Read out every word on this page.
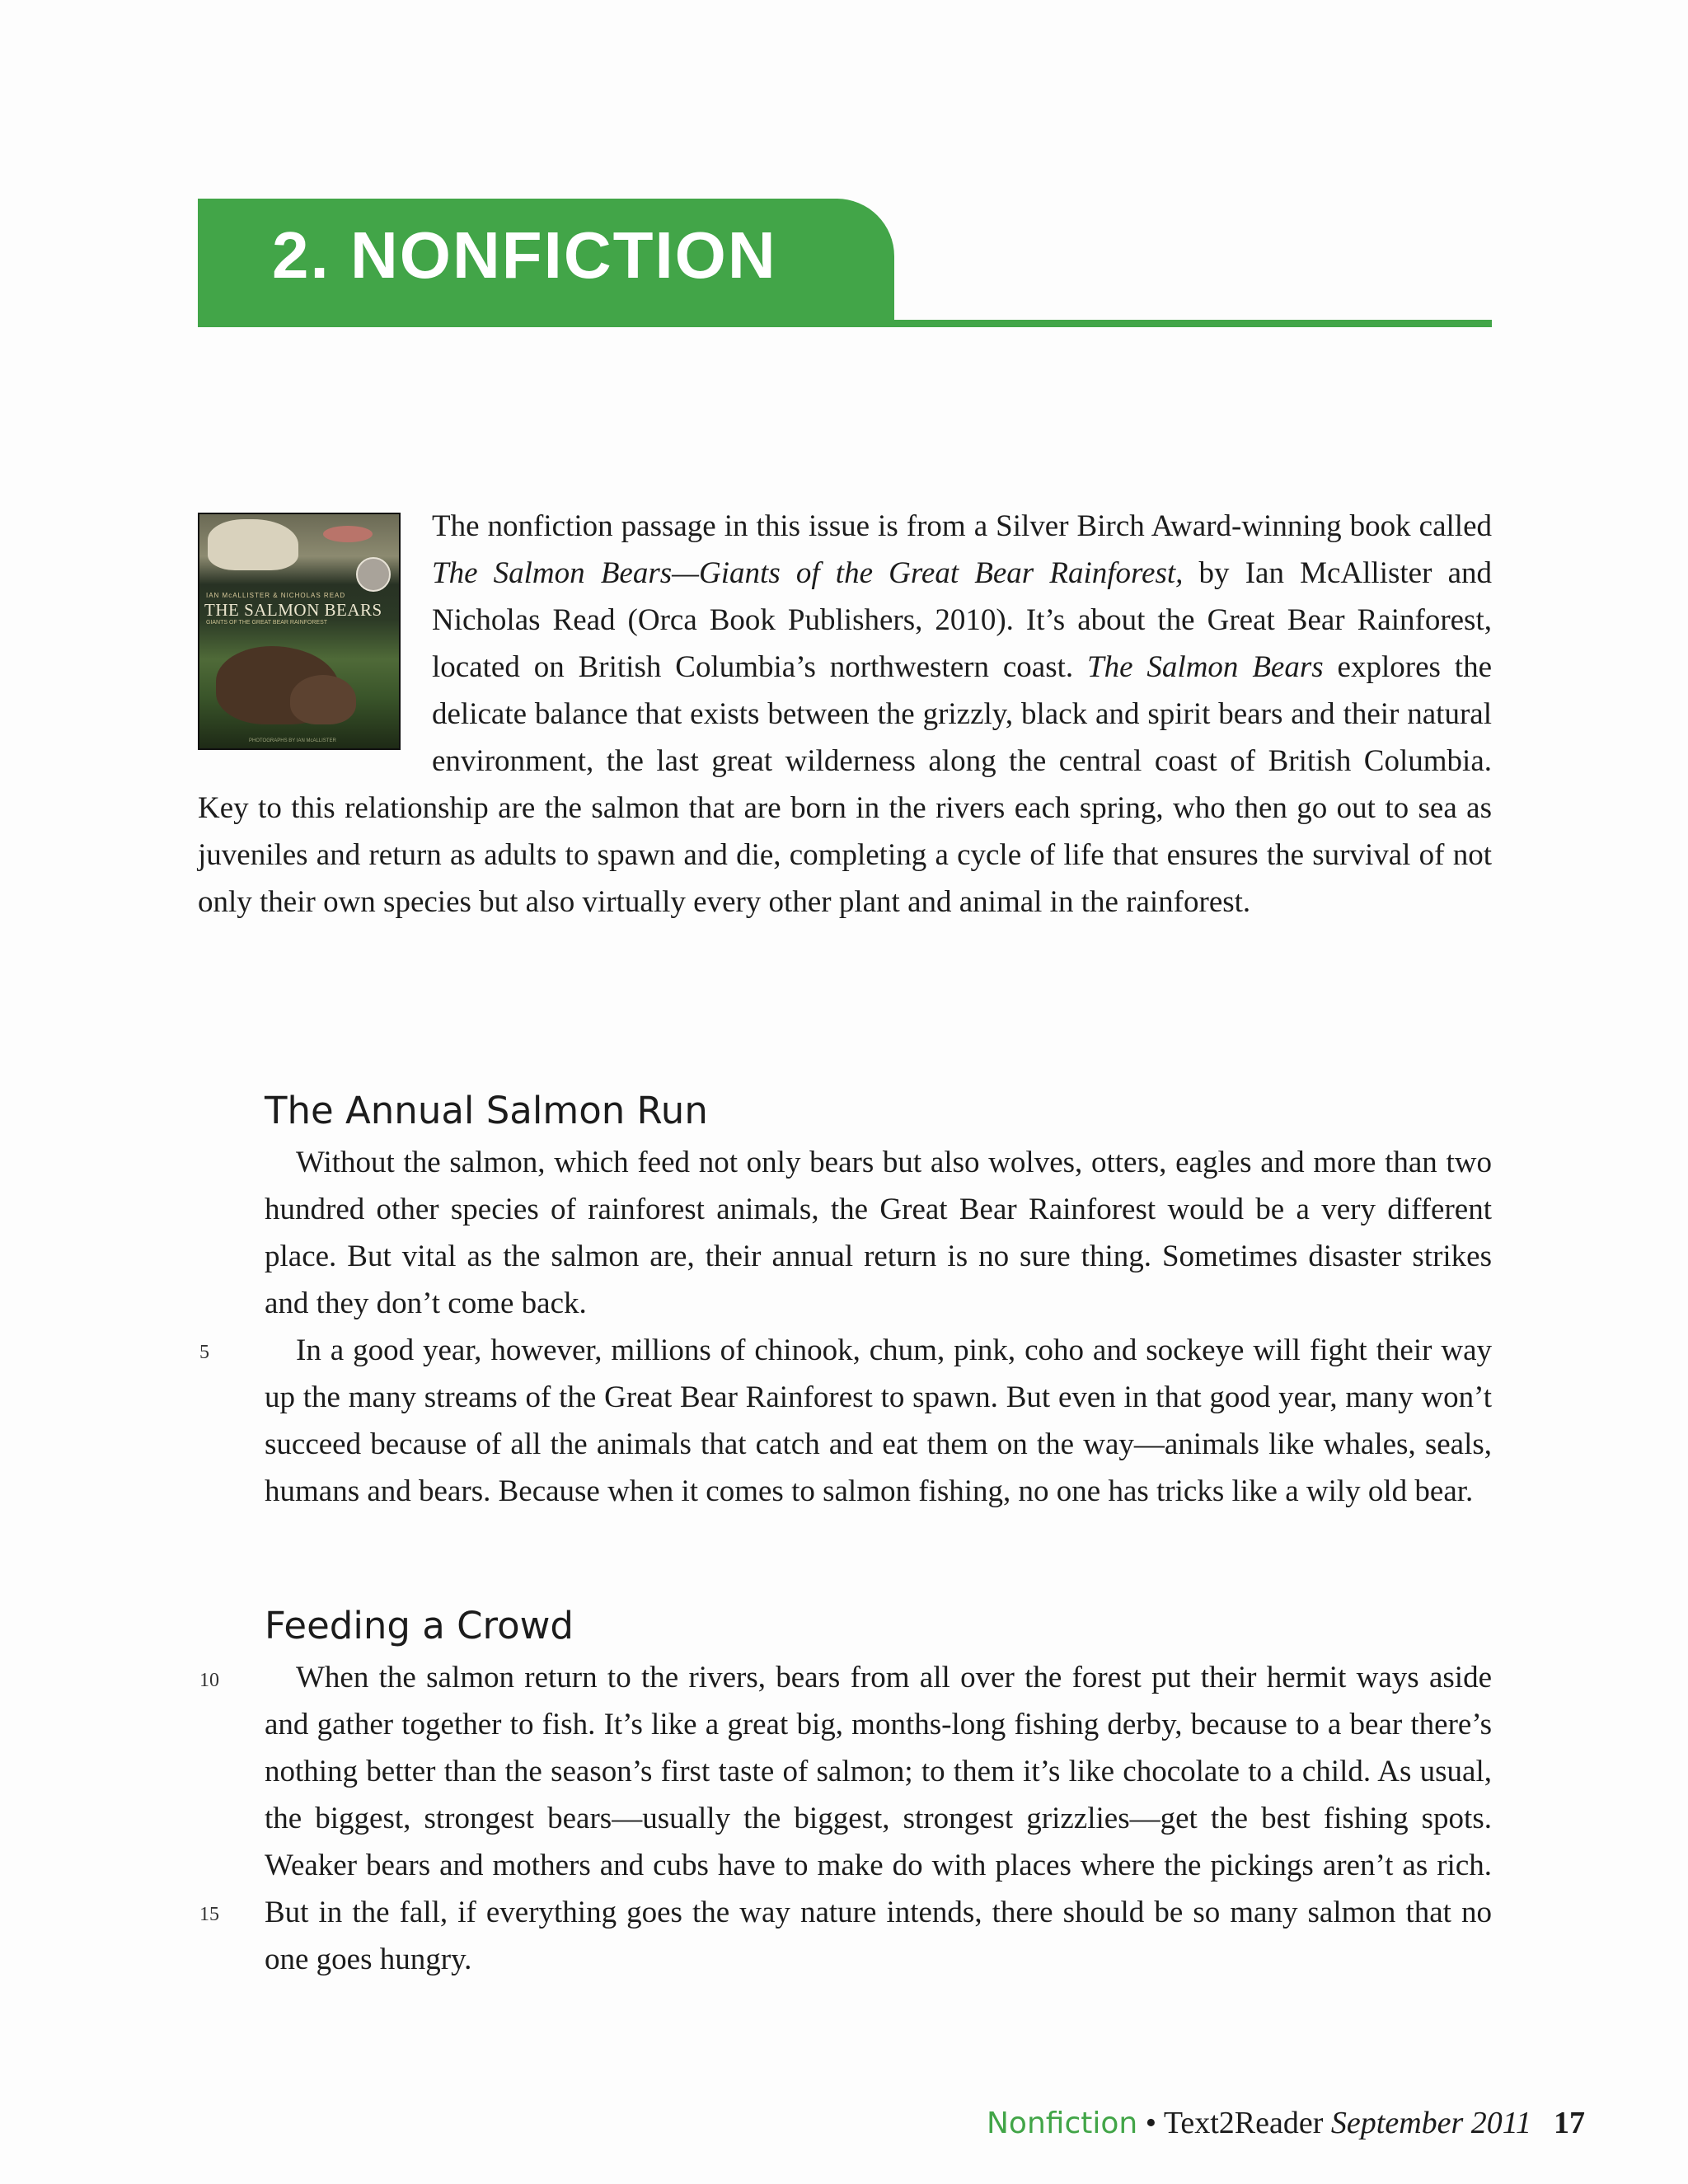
2. NONFICTION
IAN McALLISTER & NICHOLAS READ
THE SALMON BEARS
GIANTS OF THE GREAT BEAR RAINFOREST
PHOTOGRAPHS BY IAN McALLISTER

The nonfiction passage in this issue is from a Silver Birch Award-winning book called The Salmon Bears—Giants of the Great Bear Rainforest, by Ian McAllister and Nicholas Read (Orca Book Publishers, 2010). It’s about the Great Bear Rainforest, located on British Columbia’s northwestern coast. The Salmon Bears explores the delicate balance that exists between the grizzly, black and spirit bears and their natural environment, the last great wilderness along the central coast of British Columbia. Key to this relationship are the salmon that are born in the rivers each spring, who then go out to sea as juveniles and return as adults to spawn and die, completing a cycle of life that ensures the survival of not only their own species but also virtually every other plant and animal in the rainforest.

The Annual Salmon Run

Without the salmon, which feed not only bears but also wolves, otters, eagles and more than two hundred other species of rainforest animals, the Great Bear Rainforest would be a very different place. But vital as the salmon are, their annual return is no sure thing. Sometimes disaster strikes and they don’t come back.

In a good year, however, millions of chinook, chum, pink, coho and sockeye will fight their way up the many streams of the Great Bear Rainforest to spawn. But even in that good year, many won’t succeed because of all the animals that catch and eat them on the way—animals like whales, seals, humans and bears. Because when it comes to salmon fishing, no one has tricks like a wily old bear.

Feeding a Crowd

When the salmon return to the rivers, bears from all over the forest put their hermit ways aside and gather together to fish. It’s like a great big, months-long fishing derby, because to a bear there’s nothing better than the season’s first taste of salmon; to them it’s like chocolate to a child. As usual, the biggest, strongest bears—usually the biggest, strongest grizzlies—get the best fishing spots. Weaker bears and mothers and cubs have to make do with places where the pickings aren’t as rich. But in the fall, if everything goes the way nature intends, there should be so many salmon that no one goes hungry.

5
10
15
Nonfiction • Text2Reader September 2011 17
